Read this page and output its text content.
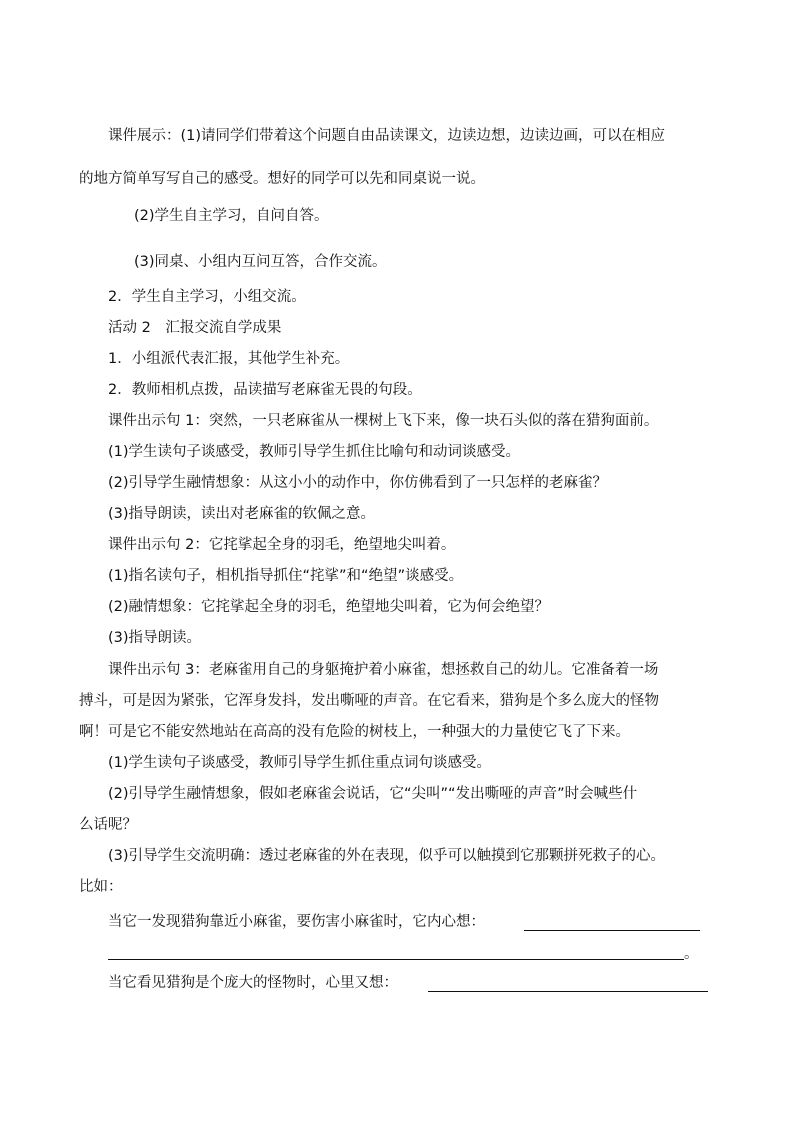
课件展示：(1)请同学们带着这个问题自由品读课文，边读边想，边读边画，可以在相应
的地方简单写写自己的感受。想好的同学可以先和同桌说一说。
(2)学生自主学习，自问自答。
(3)同桌、小组内互问互答，合作交流。
2．学生自主学习，小组交流。
活动 2　汇报交流自学成果
1．小组派代表汇报，其他学生补充。
2．教师相机点拨，品读描写老麻雀无畏的句段。
课件出示句 1：突然，一只老麻雀从一棵树上飞下来，像一块石头似的落在猎狗面前。
(1)学生读句子谈感受，教师引导学生抓住比喻句和动词谈感受。
(2)引导学生融情想象：从这小小的动作中，你仿佛看到了一只怎样的老麻雀？
(3)指导朗读，读出对老麻雀的钦佩之意。
课件出示句 2：它挓挲起全身的羽毛，绝望地尖叫着。
(1)指名读句子，相机指导抓住“挓挲”和“绝望”谈感受。
(2)融情想象：它挓挲起全身的羽毛，绝望地尖叫着，它为何会绝望？
(3)指导朗读。
课件出示句 3：老麻雀用自己的身躯掩护着小麻雀，想拯救自己的幼儿。它准备着一场
搏斗，可是因为紧张，它浑身发抖，发出嘶哑的声音。在它看来，猎狗是个多么庞大的怪物
啊！可是它不能安然地站在高高的没有危险的树枝上，一种强大的力量使它飞了下来。
(1)学生读句子谈感受，教师引导学生抓住重点词句谈感受。
(2)引导学生融情想象，假如老麻雀会说话，它“尖叫”“发出嘶哑的声音”时会喊些什
么话呢？
(3)引导学生交流明确：透过老麻雀的外在表现，似乎可以触摸到它那颗拼死救子的心。
比如：
当它一发现猎狗靠近小麻雀，要伤害小麻雀时，它内心想：
。
当它看见猎狗是个庞大的怪物时，心里又想：
